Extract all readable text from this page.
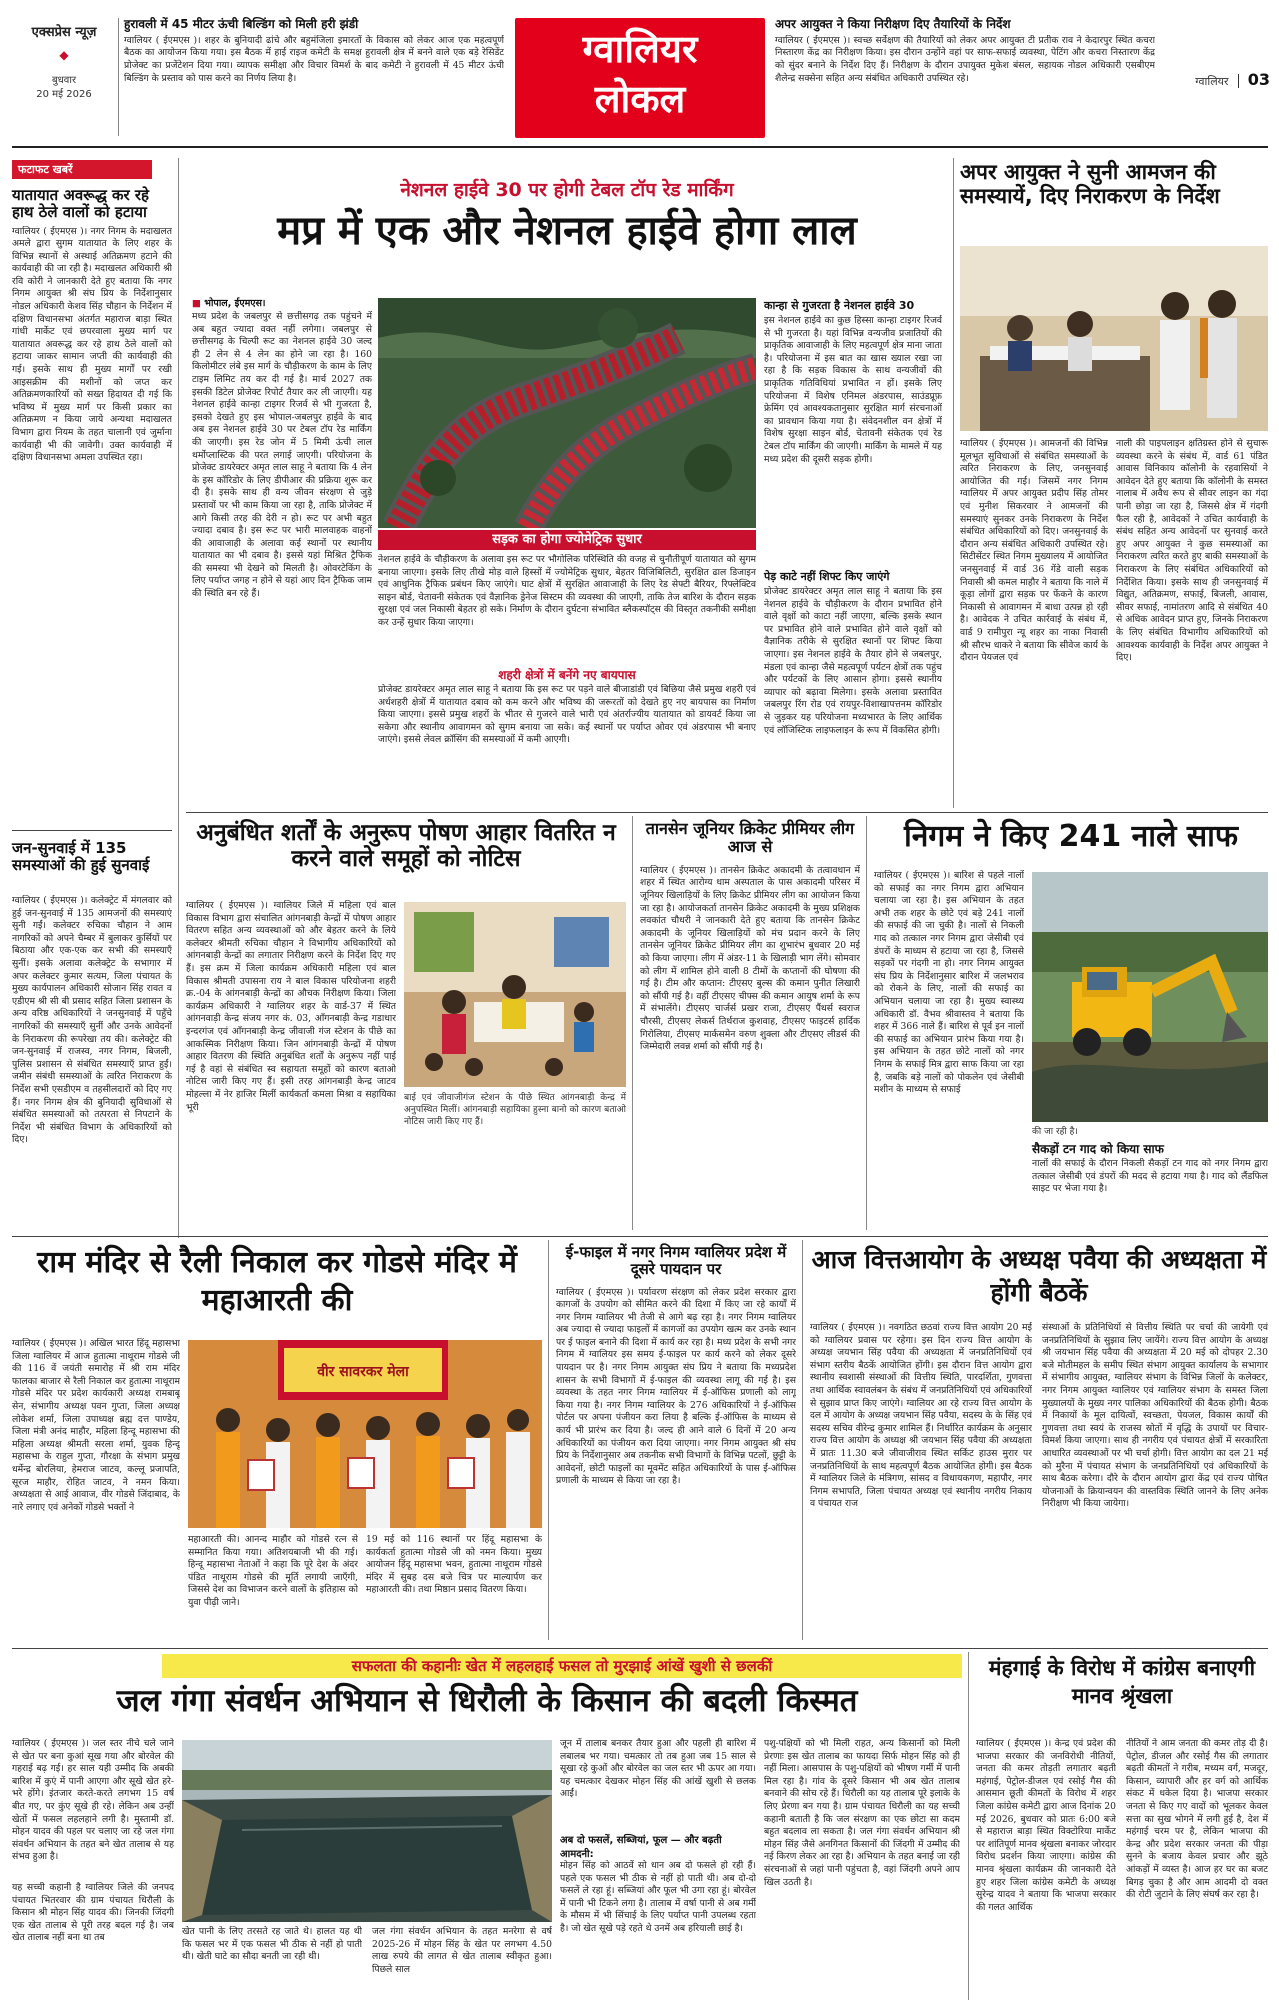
एक्सप्रेस न्यूज़
◆
बुधवार
20 मई 2026
हुरावली में 45 मीटर ऊंची बिल्डिंग को मिली हरी झंडी
ग्वालियर ( ईएमएस )। शहर के बुनियादी ढांचे और बहुमंजिला इमारतों के विकास को लेकर आज एक महत्वपूर्ण बैठक का आयोजन किया गया। इस बैठक में हाई राइज कमेटी के समक्ष हुरावली क्षेत्र में बनने वाले एक बड़े रेसिडेंट प्रोजेक्ट का प्रजेंटेशन दिया गया। व्यापक समीक्षा और विचार विमर्श के बाद कमेटी ने हुरावली में 45 मीटर ऊंची बिल्डिंग के प्रस्ताव को पास करने का निर्णय लिया है।
ग्वालियर
लोकल
अपर आयुक्त ने किया निरीक्षण दिए तैयारियों के निर्देश
ग्वालियर ( ईएमएस )। स्वच्छ सर्वेक्षण की तैयारियों को लेकर अपर आयुक्त टी प्रतीक राव ने केदारपुर स्थित कचरा निस्तारण केंद्र का निरीक्षण किया। इस दौरान उन्होंने वहां पर साफ-सफाई व्यवस्था, पेटिंग और कचरा निस्तारण केंद्र को सुंदर बनाने के निर्देश दिए हैं। निरीक्षण के दौरान उपायुक्त मुकेश बंसल, सहायक नोडल अधिकारी एसबीएम शैलेन्द्र सक्सेना सहित अन्य संबंधित अधिकारी उपस्थित रहे।	ग्वालियर 03
फटाफट खबरें
यातायात अवरूद्ध कर रहे हाथ ठेले वालों को हटाया
ग्वालियर ( ईएमएस )। नगर निगम के मदाखलत अमले द्वारा सुगम यातायात के लिए शहर के विभिन्न स्थानों से अस्थाई अतिक्रमण हटाने की कार्यवाही की जा रही है। मदाखलत अधिकारी श्री रवि कोरी ने जानकारी देते हुए बताया कि नगर निगम आयुक्त श्री संघ प्रिय के निर्देशानुसार नोडल अधिकारी केशव सिंह चौहान के निर्देशन में दक्षिण विधानसभा अंतर्गत महाराज बाड़ा स्थित गांधी मार्केट एवं छपरवाला मुख्य मार्ग पर यातायात अवरूद्ध कर रहे हाथ ठेले वालों को हटाया जाकर सामान जप्ती की कार्यवाही की गई। इसके साथ ही मुख्य मार्गों पर रखी आइसक्रीम की मशीनों को जप्त कर अतिक्रमणकारियों को सख्त हिदायत दी गई कि भविष्य में मुख्य मार्ग पर किसी प्रकार का अतिक्रमण न किया जाये अन्यथा मदाखलत विभाग द्वारा नियम के तहत चालानी एवं जुर्माना कार्यवाही भी की जावेगी। उक्त कार्यवाही में दक्षिण विधानसभा अमला उपस्थित रहा।
जन-सुनवाई में 135 समस्याओं की हुई सुनवाई
ग्वालियर ( ईएमएस )। कलेक्ट्रेट में मंगलवार को हुई जन-सुनवाई में 135 आमजनों की समस्याएं सुनी गईं। कलेक्टर रुचिका चौहान ने आम नागरिकों को अपने चैम्बर में बुलाकर कुर्सियों पर बिठाया और एक-एक कर सभी की समस्याएँ सुनीं। इसके अलावा कलेक्ट्रेट के सभागार में अपर कलेक्टर कुमार सत्यम, जिला पंचायत के मुख्य कार्यपालन अधिकारी सोजान सिंह रावत व एडीएम श्री सी बी प्रसाद सहित जिला प्रशासन के अन्य वरिष्ठ अधिकारियों ने जनसुनवाई में पहुँचे नागरिकों की समस्याएँ सुनीं और उनके आवेदनों के निराकरण की रूपरेखा तय की। कलेक्ट्रेट की जन-सुनवाई में राजस्व, नगर निगम, बिजली, पुलिस प्रशासन से संबंधित समस्याएँ प्राप्त हुईं। जमीन संबंधी समस्याओं के त्वरित निराकरण के निर्देश सभी एसडीएम व तहसीलदारों को दिए गए हैं। नगर निगम क्षेत्र की बुनियादी सुविधाओं से संबंधित समस्याओं को तत्परता से निपटाने के निर्देश भी संबंधित विभाग के अधिकारियों को दिए।
नेशनल हाईवे 30 पर होगी टेबल टॉप रेड मार्किंग
मप्र में एक और नेशनल हाईवे होगा लाल
■ भोपाल, ईएमएस।
मध्य प्रदेश के जबलपुर से छत्तीसगढ़ तक पहुंचने में अब बहुत ज्यादा वक्त नहीं लगेगा। जबलपुर से छत्तीसगढ़ के चिल्पी रूट का नेशनल हाईवे 30 जल्द ही 2 लेन से 4 लेन का होने जा रहा है। 160 किलोमीटर लंबे इस मार्ग के चौड़ीकरण के काम के लिए टाइम लिमिट तय कर दी गई है। मार्च 2027 तक इसकी डिटेल प्रोजेक्ट रिपोर्ट तैयार कर ली जाएगी। यह नेशनल हाईवे कान्हा टाइगर रिजर्व से भी गुजरता है, इसको देखते हुए इस भोपाल-जबलपुर हाईवे के बाद अब इस नेशनल हाईवे 30 पर टेबल टॉप रेड मार्किंग की जाएगी। इस रेड जोन में 5 मिमी ऊंची लाल थर्मोप्लास्टिक की परत लगाई जाएगी। परियोजना के प्रोजेक्ट डायरेक्टर अमृत लाल साहू ने बताया कि 4 लेन के इस कॉरिडोर के लिए डीपीआर की प्रक्रिया शुरू कर दी है। इसके साथ ही वन्य जीवन संरक्षण से जुड़े प्रस्तावों पर भी काम किया जा रहा है, ताकि प्रोजेक्ट में आगे किसी तरह की देरी न हो। रूट पर अभी बहुत ज्यादा दबाव है। इस रूट पर भारी मालवाहक वाहनों की आवाजाही के अलावा कई स्थानों पर स्थानीय यातायात का भी दबाव है। इससे यहां मिश्रित ट्रैफिक की समस्या भी देखने को मिलती है। ओवरटेकिंग के लिए पर्याप्त जगह न होने से यहां आए दिन ट्रैफिक जाम की स्थिति बन रहे हैं।
सड़क का होगा ज्योमेट्रिक सुधार
नेशनल हाईवे के चौड़ीकरण के अलावा इस रूट पर भौगोलिक परिस्थिति की वजह से चुनौतीपूर्ण यातायात को सुगम बनाया जाएगा। इसके लिए तीखे मोड़ वाले हिस्सों में ज्योमेट्रिक सुधार, बेहतर विजिबिलिटी, सुरक्षित ढाल डिजाइन एवं आधुनिक ट्रैफिक प्रबंधन किए जाएंगे। घाट क्षेत्रों में सुरक्षित आवाजाही के लिए रेड सेफ्टी बैरियर, रिफ्लेक्टिव साइन बोर्ड, चेतावनी संकेतक एवं वैज्ञानिक ड्रेनेज सिस्टम की व्यवस्था की जाएगी, ताकि तेज बारिश के दौरान सड़क सुरक्षा एवं जल निकासी बेहतर हो सके। निर्माण के दौरान दुर्घटना संभावित ब्लैकस्पॉट्स की विस्तृत तकनीकी समीक्षा कर उन्हें सुधार किया जाएगा।
शहरी क्षेत्रों में बनेंगे नए बायपास
प्रोजेक्ट डायरेक्टर अमृत लाल साहू ने बताया कि इस रूट पर पड़ने वाले बीजाडांडी एवं बिछिया जैसे प्रमुख शहरी एवं अर्धशहरी क्षेत्रों में यातायात दबाव को कम करने और भविष्य की जरूरतों को देखते हुए नए बायपास का निर्माण किया जाएगा। इससे प्रमुख शहरों के भीतर से गुजरने वाले भारी एवं अंतर्राज्यीय यातायात को डायवर्ट किया जा सकेगा और स्थानीय आवागमन को सुगम बनाया जा सके। कई स्थानों पर पर्याप्त ओवर एवं अंडरपास भी बनाए जाएंगे। इससे लेवल क्रॉसिंग की समस्याओं में कमी आएगी।
कान्हा से गुजरता है नेशनल हाईवे 30
इस नेशनल हाईवे का कुछ हिस्सा कान्हा टाइगर रिजर्व से भी गुजरता है। यहां विभिन्न वन्यजीव प्रजातियों की प्राकृतिक आवाजाही के लिए महत्वपूर्ण क्षेत्र माना जाता है। परियोजना में इस बात का खास ख्याल रखा जा रहा है कि सड़क विकास के साथ वन्यजीवों की प्राकृतिक गतिविधियां प्रभावित न हों। इसके लिए परियोजना में विशेष एनिमल अंडरपास, साउंडप्रूफ़ फ्रेमिंग एवं आवश्यकतानुसार सुरक्षित मार्ग संरचनाओं का प्रावधान किया गया है। संवेदनशील वन क्षेत्रों में विशेष सुरक्षा साइन बोर्ड, चेतावनी संकेतक एवं रेड टेबल टॉप मार्किंग की जाएगी। मार्किंग के मामले में यह मध्य प्रदेश की दूसरी सड़क होगी।
पेड़ काटे नहीं शिफ्ट किए जाएंगे
प्रोजेक्ट डायरेक्टर अमृत लाल साहू ने बताया कि इस नेशनल हाईवे के चौड़ीकरण के दौरान प्रभावित होने वाले वृक्षों को काटा नहीं जाएगा, बल्कि इसके स्थान पर प्रभावित होने वाले प्रभावित होने वाले वृक्षों को वैज्ञानिक तरीके से सुरक्षित स्थानों पर शिफ्ट किया जाएगा। इस नेशनल हाईवे के तैयार होने से जबलपुर, मंडला एवं कान्हा जैसे महत्वपूर्ण पर्यटन क्षेत्रों तक पहुंच और पर्यटकों के लिए आसान होगा। इससे स्थानीय व्यापार को बढ़ावा मिलेगा। इसके अलावा प्रस्तावित जबलपुर रिंग रोड एवं रायपुर-विशाखापत्तनम कॉरिडोर से जुड़कर यह परियोजना मध्यभारत के लिए आर्थिक एवं लॉजिस्टिक लाइफलाइन के रूप में विकसित होगी।
अपर आयुक्त ने सुनी आमजन की समस्यायें, दिए निराकरण के निर्देश
ग्वालियर ( ईएमएस )। आमजनों की विभिन्न मूलभूत सुविधाओं से संबंधित समस्याओं के त्वरित निराकरण के लिए, जनसुनवाई आयोजित की गई। जिसमें नगर निगम ग्वालियर में अपर आयुक्त प्रदीप सिंह तोमर एवं मुनीश सिकरवार ने आमजनों की समस्याएं सुनकर उनके निराकरण के निर्देश संबंधित अधिकारियों को दिए। जनसुनवाई के दौरान अन्य संबंधित अधिकारी उपस्थित रहे। सिटीसेंटर स्थित निगम मुख्यालय में आयोजित जनसुनवाई में वार्ड 36 गेंडे वाली सड़क निवासी श्री कमल माहौर ने बताया कि नाले में कूड़ा लोगों द्वारा सड़क पर फेंकने के कारण निकासी से आवागमन में बाधा उत्पन्न हो रही है। आवेदक ने उचित कार्रवाई के संबंध में, वार्ड 9 रामीपुरा न्यू शहर का नाका निवासी श्री सौरभ धाकरे ने बताया कि सीवेज कार्य के दौरान पेयजल एवं
नाली की पाइपलाइन क्षतिग्रस्त होने से सुचारू व्यवस्था करने के संबंध में, वार्ड 61 पंडित आवास विनिकाय कॉलोनी के रहवासियों ने आवेदन देते हुए बताया कि कॉलोनी के समस्त नालाब में अवैध रूप से सीवर लाइन का गंदा पानी छोड़ा जा रहा है, जिससे क्षेत्र में गंदगी फैल रही है, आवेदकों ने उचित कार्यवाही के संबंध सहित अन्य आवेदनों पर सुनवाई करते हुए अपर आयुक्त ने कुछ समस्याओं का निराकरण त्वरित करते हुए बाकी समस्याओं के निराकरण के लिए संबंधित अधिकारियों को निर्देशित किया। इसके साथ ही जनसुनवाई में विद्युत, अतिक्रमण, सफाई, बिजली, आवास, सीवर सफाई, नामांतरण आदि से संबंधित 40 से अधिक आवेदन प्राप्त हुए, जिनके निराकरण के लिए संबंधित विभागीय अधिकारियों को आवश्यक कार्यवाही के निर्देश अपर आयुक्त ने दिए।
अनुबंधित शर्तों के अनुरूप पोषण आहार वितरित न करने वाले समूहों को नोटिस
ग्वालियर ( ईएमएस )। ग्वालियर जिले में महिला एवं बाल विकास विभाग द्वारा संचालित आंगनबाड़ी केन्द्रों में पोषण आहार वितरण सहित अन्य व्यवस्थाओं को और बेहतर करने के लिये कलेक्टर श्रीमती रुचिका चौहान ने विभागीय अधिकारियों को आंगनबाड़ी केन्द्रों का लगातार निरीक्षण करने के निर्देश दिए गए हैं। इस क्रम में जिला कार्यक्रम अधिकारी महिला एवं बाल विकास श्रीमती उपासना राय ने बाल विकास परियोजना शहरी क्र.-04 के आंगनबाड़ी केन्द्रों का औचक निरीक्षण किया। जिला कार्यक्रम अधिकारी ने ग्वालियर शहर के वार्ड-37 में स्थित आंगनवाड़ी केन्द्र संजय नगर कं. 03, आँगनबाड़ी केन्द्र गडाधार इन्दरगंज एवं आँगनबाड़ी केन्द्र जीवाजी गंज स्टेशन के पीछे का आकस्मिक निरीक्षण किया। जिन आंगनबाड़ी केन्द्रों में पोषण आहार वितरण की स्थिति अनुबंधित शर्तों के अनुरूप नहीं पाई गई है वहां से संबंधित स्व सहायता समूहों को कारण बताओ नोटिस जारी किए गए हैं। इसी तरह आंगनबाड़ी केन्द्र जाटव मोहल्ला में नेर हाजिर मिलीं कार्यकर्ता कमला मिश्रा व सहायिका भूरी
बाई एवं जीवाजीगंज स्टेशन के पीछे स्थित आंगनबाड़ी केन्द्र में अनुपस्थित मिलीं। आंगनबाड़ी सहायिका हुस्ना बानो को कारण बताओ नोटिस जारी किए गए हैं।
तानसेन जूनियर क्रिकेट प्रीमियर लीग आज से
ग्वालियर ( ईएमएस )। तानसेन क्रिकेट अकादमी के तत्वावधान में शहर में स्थित आरोग्य धाम अस्पताल के पास अकादमी परिसर में जूनियर खिलाड़ियों के लिए क्रिकेट प्रीमियर लीग का आयोजन किया जा रहा है। आयोजकर्ता तानसेन क्रिकेट अकादमी के मुख्य प्रशिक्षक लवकांत चौधरी ने जानकारी देते हुए बताया कि तानसेन क्रिकेट अकादमी के जूनियर खिलाड़ियों को मंच प्रदान करने के लिए तानसेन जूनियर क्रिकेट प्रीमियर लीग का शुभारंभ बुधवार 20 मई को किया जाएगा। लीग में अंडर-11 के खिलाड़ी भाग लेंगे। सोमवार को लीग में शामिल होने वाली 8 टीमों के कप्तानों की घोषणा की गई है। टीम और कप्तान: टीएसए बुल्स की कमान पुनीत लिखारी को सौंपी गई है। वहीं टीएसए चीफ्स की कमान आयुष शर्मा के रूप में संभालेंगे। टीएसए चार्जर्स प्रखर राजा, टीएसए पैंथर्स स्वराज चौरसी, टीएसए लेकर्स तिर्थराज कुशवाह, टीएसए फाइटर्स हार्दिक गिरोलिया, टीएसए मार्कसमेन वरुण शुक्ला और टीएसए लीडर्स की जिम्मेदारी लवन्न शर्मा को सौंपी गई है।
निगम ने किए 241 नाले साफ
ग्वालियर ( ईएमएस )। बारिश से पहले नालों को सफाई का नगर निगम द्वारा अभियान चलाया जा रहा है। इस अभियान के तहत अभी तक शहर के छोटे एवं बड़े 241 नालों की सफाई की जा चुकी है। नालों से निकली गाद को तत्काल नगर निगम द्वारा जेसीबी एवं डंपरों के माध्यम से हटाया जा रहा है, जिससे सड़कों पर गंदगी ना हो। नगर निगम आयुक्त संघ प्रिय के निर्देशानुसार बारिश में जलभराव को रोकने के लिए, नालों की सफाई का अभियान चलाया जा रहा है। मुख्य स्वास्थ्य अधिकारी डॉ. वैभव श्रीवास्तव ने बताया कि शहर में 366 नाले हैं। बारिश से पूर्व इन नालों की सफाई का अभियान प्रारंभ किया गया है। इस अभियान के तहत छोटे नालों को नगर निगम के सफाई मित्र द्वारा साफ किया जा रहा है, जबकि बड़े नालों को पोकलेन एवं जेसीबी मशीन के माध्यम से सफाई
की जा रही है।
सैकड़ों टन गाद को किया साफ
नालों की सफाई के दौरान निकली सैकड़ों टन गाद को नगर निगम द्वारा तत्काल जेसीबी एवं डंपरों की मदद से हटाया गया है। गाद को लैंडफिल साइट पर भेजा गया है।
राम मंदिर से रैली निकाल कर गोडसे मंदिर में महाआरती की
ग्वालियर ( ईएमएस )। अखिल भारत हिंदू महासभा जिला ग्वालियर में आज हुतात्मा नाथूराम गोडसे जी की 116 वें जयंती समारोह में श्री राम मंदिर फालका बाजार से रैली निकाल कर हुतात्मा नाथूराम गोडसे मंदिर पर प्रदेश कार्यकारी अध्यक्ष रामबाबू सेन, संभागीय अध्यक्ष पवन गुप्ता, जिला अध्यक्ष लोकेश शर्मा, जिला उपाध्यक्ष ब्रह्म दत्त पाण्डेय, जिला मंत्री अनंद माहौर, महिला हिन्दू महासभा की महिला अध्यक्ष श्रीमती सरला शर्मा, युवक हिन्दू महासभा के राहुल गुप्ता, गौरक्षा के संभाग प्रमुख धर्मेन्द्र बोरलिया, हेमराज जाटव, कल्लू प्रजापति, सूरज माहौर, रोहित जाटव, ने नमन किया। अध्यक्षता से आई आवाज, वीर गोडसे जिंदाबाद, के नारे लगाए एवं अनेकों गोडसे भक्तों ने
वीर सावरकर मेला
महाआरती की। आनन्द माहौर को गोडसे रत्न से सम्मानित किया गया। अतिशयबाजी भी की गई। हिन्दू महासभा नेताओं ने कहा कि पूरे देश के अंदर पंडित नाथूराम गोडसे की मूर्ति लगायी जाएँगी, जिससे देश का विभाजन करने वालों के इतिहास को युवा पीढ़ी जाने।
19 मई को 116 स्थानों पर हिंदू महासभा के कार्यकर्ता हुतात्मा गोडसे जी को नमन किया। मुख्य आयोजन हिंदू महासभा भवन, हुतात्मा नाथूराम गोडसे मंदिर में सुबह दस बजे चित्र पर माल्यार्पण कर महाआरती की। तथा मिष्ठान प्रसाद वितरण किया।
ई-फाइल में नगर निगम ग्वालियर प्रदेश में दूसरे पायदान पर
ग्वालियर ( ईएमएस )। पर्यावरण संरक्षण को लेकर प्रदेश सरकार द्वारा कागजों के उपयोग को सीमित करने की दिशा में किए जा रहे कार्यों में नगर निगम ग्वालियर भी तेजी से आगे बढ़ रहा है। नगर निगम ग्वालियर अब ज्यादा से ज्यादा फाइलों में कागजों का उपयोग खत्म कर उनके स्थान पर ई फाइल बनाने की दिशा में कार्य कर रहा है। मध्य प्रदेश के सभी नगर निगम में ग्वालियर इस समय ई-फाइल पर कार्य करने को लेकर दूसरे पायदान पर है। नगर निगम आयुक्त संघ प्रिय ने बताया कि मध्यप्रदेश शासन के सभी विभागों में ई-फाइल की व्यवस्था लागू की गई है। इस व्यवस्था के तहत नगर निगम ग्वालियर में ई-ऑफिस प्रणाली को लागू किया गया है। नगर निगम ग्वालियर के 276 अधिकारियों ने ई-ऑफिस पोर्टल पर अपना पंजीयन करा लिया है बल्कि ई-ऑफिस के माध्यम से कार्य भी प्रारंभ कर दिया है। जल्द ही आने वाले 6 दिनों में 20 अन्य अधिकारियों का पंजीयन करा दिया जाएगा। नगर निगम आयुक्त श्री संघ प्रिय के निर्देशानुसार अब तकनीक सभी विभागों के विभिन्न पटलों, छुट्टी के आवेदनों, छोटी फाइलों का मूवमेंट सहित अधिकारियों के पास ई-ऑफिस प्रणाली के माध्यम से किया जा रहा है।
आज वित्तआयोग के अध्यक्ष पवैया की अध्यक्षता में होंगी बैठकें
ग्वालियर ( ईएमएस )। नवगठित छठवां राज्य वित्त आयोग 20 मई को ग्वालियर प्रवास पर रहेगा। इस दिन राज्य वित्त आयोग के अध्यक्ष जयभान सिंह पवैया की अध्यक्षता में जनप्रतिनिधियों एवं संभाग स्तरीय बैठकें आयोजित होंगी। इस दौरान वित्त आयोग द्वारा स्थानीय स्वशासी संस्थाओं की वित्तीय स्थिति, पारदर्शिता, गुणवत्ता तथा आर्थिक स्वावलंबन के संबंध में जनप्रतिनिधियों एवं अधिकारियों से सुझाव प्राप्त किए जाएंगे। ग्वालियर आ रहे राज्य वित्त आयोग के दल में आयोग के अध्यक्ष जयभान सिंह पवैया, सदस्य के के सिंह एवं सदस्य सचिव वीरेन्द्र कुमार शामिल हैं। निर्धारित कार्यक्रम के अनुसार राज्य वित्त आयोग के अध्यक्ष श्री जयभान सिंह पवैया की अध्यक्षता में प्रातः 11.30 बजे जीवाजीराव स्थित सर्किट हाउस मुरार पर जनप्रतिनिधियों के साथ महत्वपूर्ण बैठक आयोजित होगी। इस बैठक में ग्वालियर जिले के मंत्रिगण, सांसद व विधायकगण, महापौर, नगर निगम सभापति, जिला पंचायत अध्यक्ष एवं स्थानीय नगरीय निकाय व पंचायत राज
संस्थाओं के प्रतिनिधियों से वित्तीय स्थिति पर चर्चा की जायेगी एवं जनप्रतिनिधियों के सुझाव लिए जायेंगे। राज्य वित्त आयोग के अध्यक्ष श्री जयभान सिंह पवैया की अध्यक्षता में 20 मई को दोपहर 2.30 बजे मोतीमहल के समीप स्थित संभाग आयुक्त कार्यालय के सभागार में संभागीय आयुक्त, ग्वालियर संभाग के विभिन्न जिलों के कलेक्टर, नगर निगम आयुक्त ग्वालियर एवं ग्वालियर संभाग के समस्त जिला मुख्यालयों के मुख्य नगर पालिका अधिकारियों की बैठक होगी। बैठक में निकायों के मूल दायित्वों, स्वच्छता, पेयजल, विकास कार्यों की गुणवत्ता तथा स्वयं के राजस्व स्रोतों में वृद्धि के उपायों पर विचार-विमर्श किया जाएगा। साथ ही नगरीय एवं पंचायत क्षेत्रों में सरकारिता आधारित व्यवस्थाओं पर भी चर्चा होगी। वित्त आयोग का दल 21 मई को मुरैना में पंचायत संभाग के जनप्रतिनिधियों एवं अधिकारियों के साथ बैठक करेगा। दौरे के दौरान आयोग द्वारा केंद्र एवं राज्य पोषित योजनाओं के क्रियान्वयन की वास्तविक स्थिति जानने के लिए अनेक निरीक्षण भी किया जायेगा।
सफलता की कहानीः खेत में लहलहाई फसल तो मुरझाई आंखें खुशी से छलकीं
जल गंगा संवर्धन अभियान से धिरौली के किसान की बदली किस्मत
ग्वालियर ( ईएमएस )। जल स्तर नीचे चले जाने से खेत पर बना कुआं सूख गया और बोरवेल की गहराई बढ़ गई। हर साल यही उम्मीद कि अबकी बारिश में कुएं में पानी आएगा और सूखे खेत हरे-भरे होंगे। इंतजार करते-करते लगभग 15 वर्ष बीत गए, पर कुंए सूखे ही रहे। लेकिन अब उन्हीं खेतों में फसल लहलहाने लगी है। मुस्तामी डॉ. मोहन यादव की पहल पर चलाए जा रहे जल गंगा संवर्धन अभियान के तहत बने खेत तालाब से यह संभव हुआ है।
यह सच्ची कहानी है ग्वालियर जिले की जनपद पंचायत भितरवार की ग्राम पंचायत धिरौली के किसान श्री मोहन सिंह यादव की। जिनकी जिंदगी एक खेत तालाब से पूरी तरह बदल गई है। जब खेत तालाब नहीं बना था तब
खेत पानी के लिए तरसते रह जाते थे। हालत यह थी कि फसल भर में एक फसल भी ठीक से नहीं हो पाती थी। खेती घाटे का सौदा बनती जा रही थी।
जल गंगा संवर्धन अभियान के तहत मनरेगा से वर्ष 2025-26 में मोहन सिंह के खेत पर लगभग 4.50 लाख रुपये की लागत से खेत तालाब स्वीकृत हुआ। पिछले साल
जून में तालाब बनकर तैयार हुआ और पहली ही बारिश में लबालब भर गया। चमत्कार तो तब हुआ जब 15 साल से सूखा रहे कुओं और बोरवेल का जल स्तर भी ऊपर आ गया। यह चमत्कार देखकर मोहन सिंह की आंखें खुशी से छलक आईं।
अब दो फसलें, सब्जियां, फूल — और बढ़ती आमदनी:
मोहन सिंह को आठवें सो धान अब दो फसले हो रही हैं। पहले एक फसल भी ठीक से नहीं हो पाती थी। अब दो-दो फसलें ले रहा हूं। सब्जियां और फूल भी उगा रहा हूं। बोरवेल में पानी भी टिकने लगा है। तालाब में वर्षा पानी से अब गर्मी के मौसम में भी सिंचाई के लिए पर्याप्त पानी उपलब्ध रहता है। जो खेत सूखे पड़े रहते थे उनमें अब हरियाली छाई है।
पशु-पक्षियों को भी मिली राहत, अन्य किसानों को मिली प्रेरणाः इस खेत तालाब का फायदा सिर्फ मोहन सिंह को ही नहीं मिला। आसपास के पशु-पक्षियों को भीषण गर्मी में पानी मिल रहा है। गांव के दूसरे किसान भी अब खेत तालाब बनवाने की सोच रहे हैं। धिरौली का यह तालाब पूरे इलाके के लिए प्रेरणा बन गया है। ग्राम पंचायत धिरौली का यह सच्ची कहानी बताती है कि जल संरक्षण का एक छोटा सा कदम बहुत बदलाव ला सकता है। जल गंगा संवर्धन अभियान श्री मोहन सिंह जैसे अनगिनत किसानों की जिंदगी में उम्मीद की नई किरण लेकर आ रहा है। अभियान के तहत बनाई जा रही संरचनाओं से जहां पानी पहुंचता है, वहां जिंदगी अपने आप खिल उठती है।
मंहगाई के विरोध में कांग्रेस बनाएगी मानव श्रृंखला
ग्वालियर ( ईएमएस )। केन्द्र एवं प्रदेश की भाजपा सरकार की जनविरोधी नीतियों, जनता की कमर तोड़ती लगातार बढ़ती महंगाई, पेट्रोल-डीजल एवं रसोई गैस की आसमान छूती कीमतों के विरोध में शहर जिला कांग्रेस कमेटी द्वारा आज दिनांक 20 मई 2026, बुधवार को प्रातः 6:00 बजे से महाराज बाड़ा स्थित विक्टोरिया मार्केट पर शांतिपूर्ण मानव श्रृंखला बनाकर जोरदार विरोध प्रदर्शन किया जाएगा। कांग्रेस की मानव श्रृंखला कार्यक्रम की जानकारी देते हुए शहर जिला कांग्रेस कमेटी के अध्यक्ष सुरेन्द्र यादव ने बताया कि भाजपा सरकार की गलत आर्थिक
नीतियों ने आम जनता की कमर तोड़ दी है। पेट्रोल, डीजल और रसोई गैस की लगातार बढ़ती कीमतों ने गरीब, मध्यम वर्ग, मजदूर, किसान, व्यापारी और हर वर्ग को आर्थिक संकट में धकेल दिया है। भाजपा सरकार जनता से किए गए वादों को भूलकर केवल सत्ता का सुख भोगने में लगी हुई है, देश में महंगाई चरम पर है, लेकिन भाजपा की केन्द्र और प्रदेश सरकार जनता की पीड़ा सुनने के बजाय केवल प्रचार और झूठे आंकड़ों में व्यस्त है। आज हर घर का बजट बिगड़ चुका है और आम आदमी दो वक्त की रोटी जुटाने के लिए संघर्ष कर रहा है।
